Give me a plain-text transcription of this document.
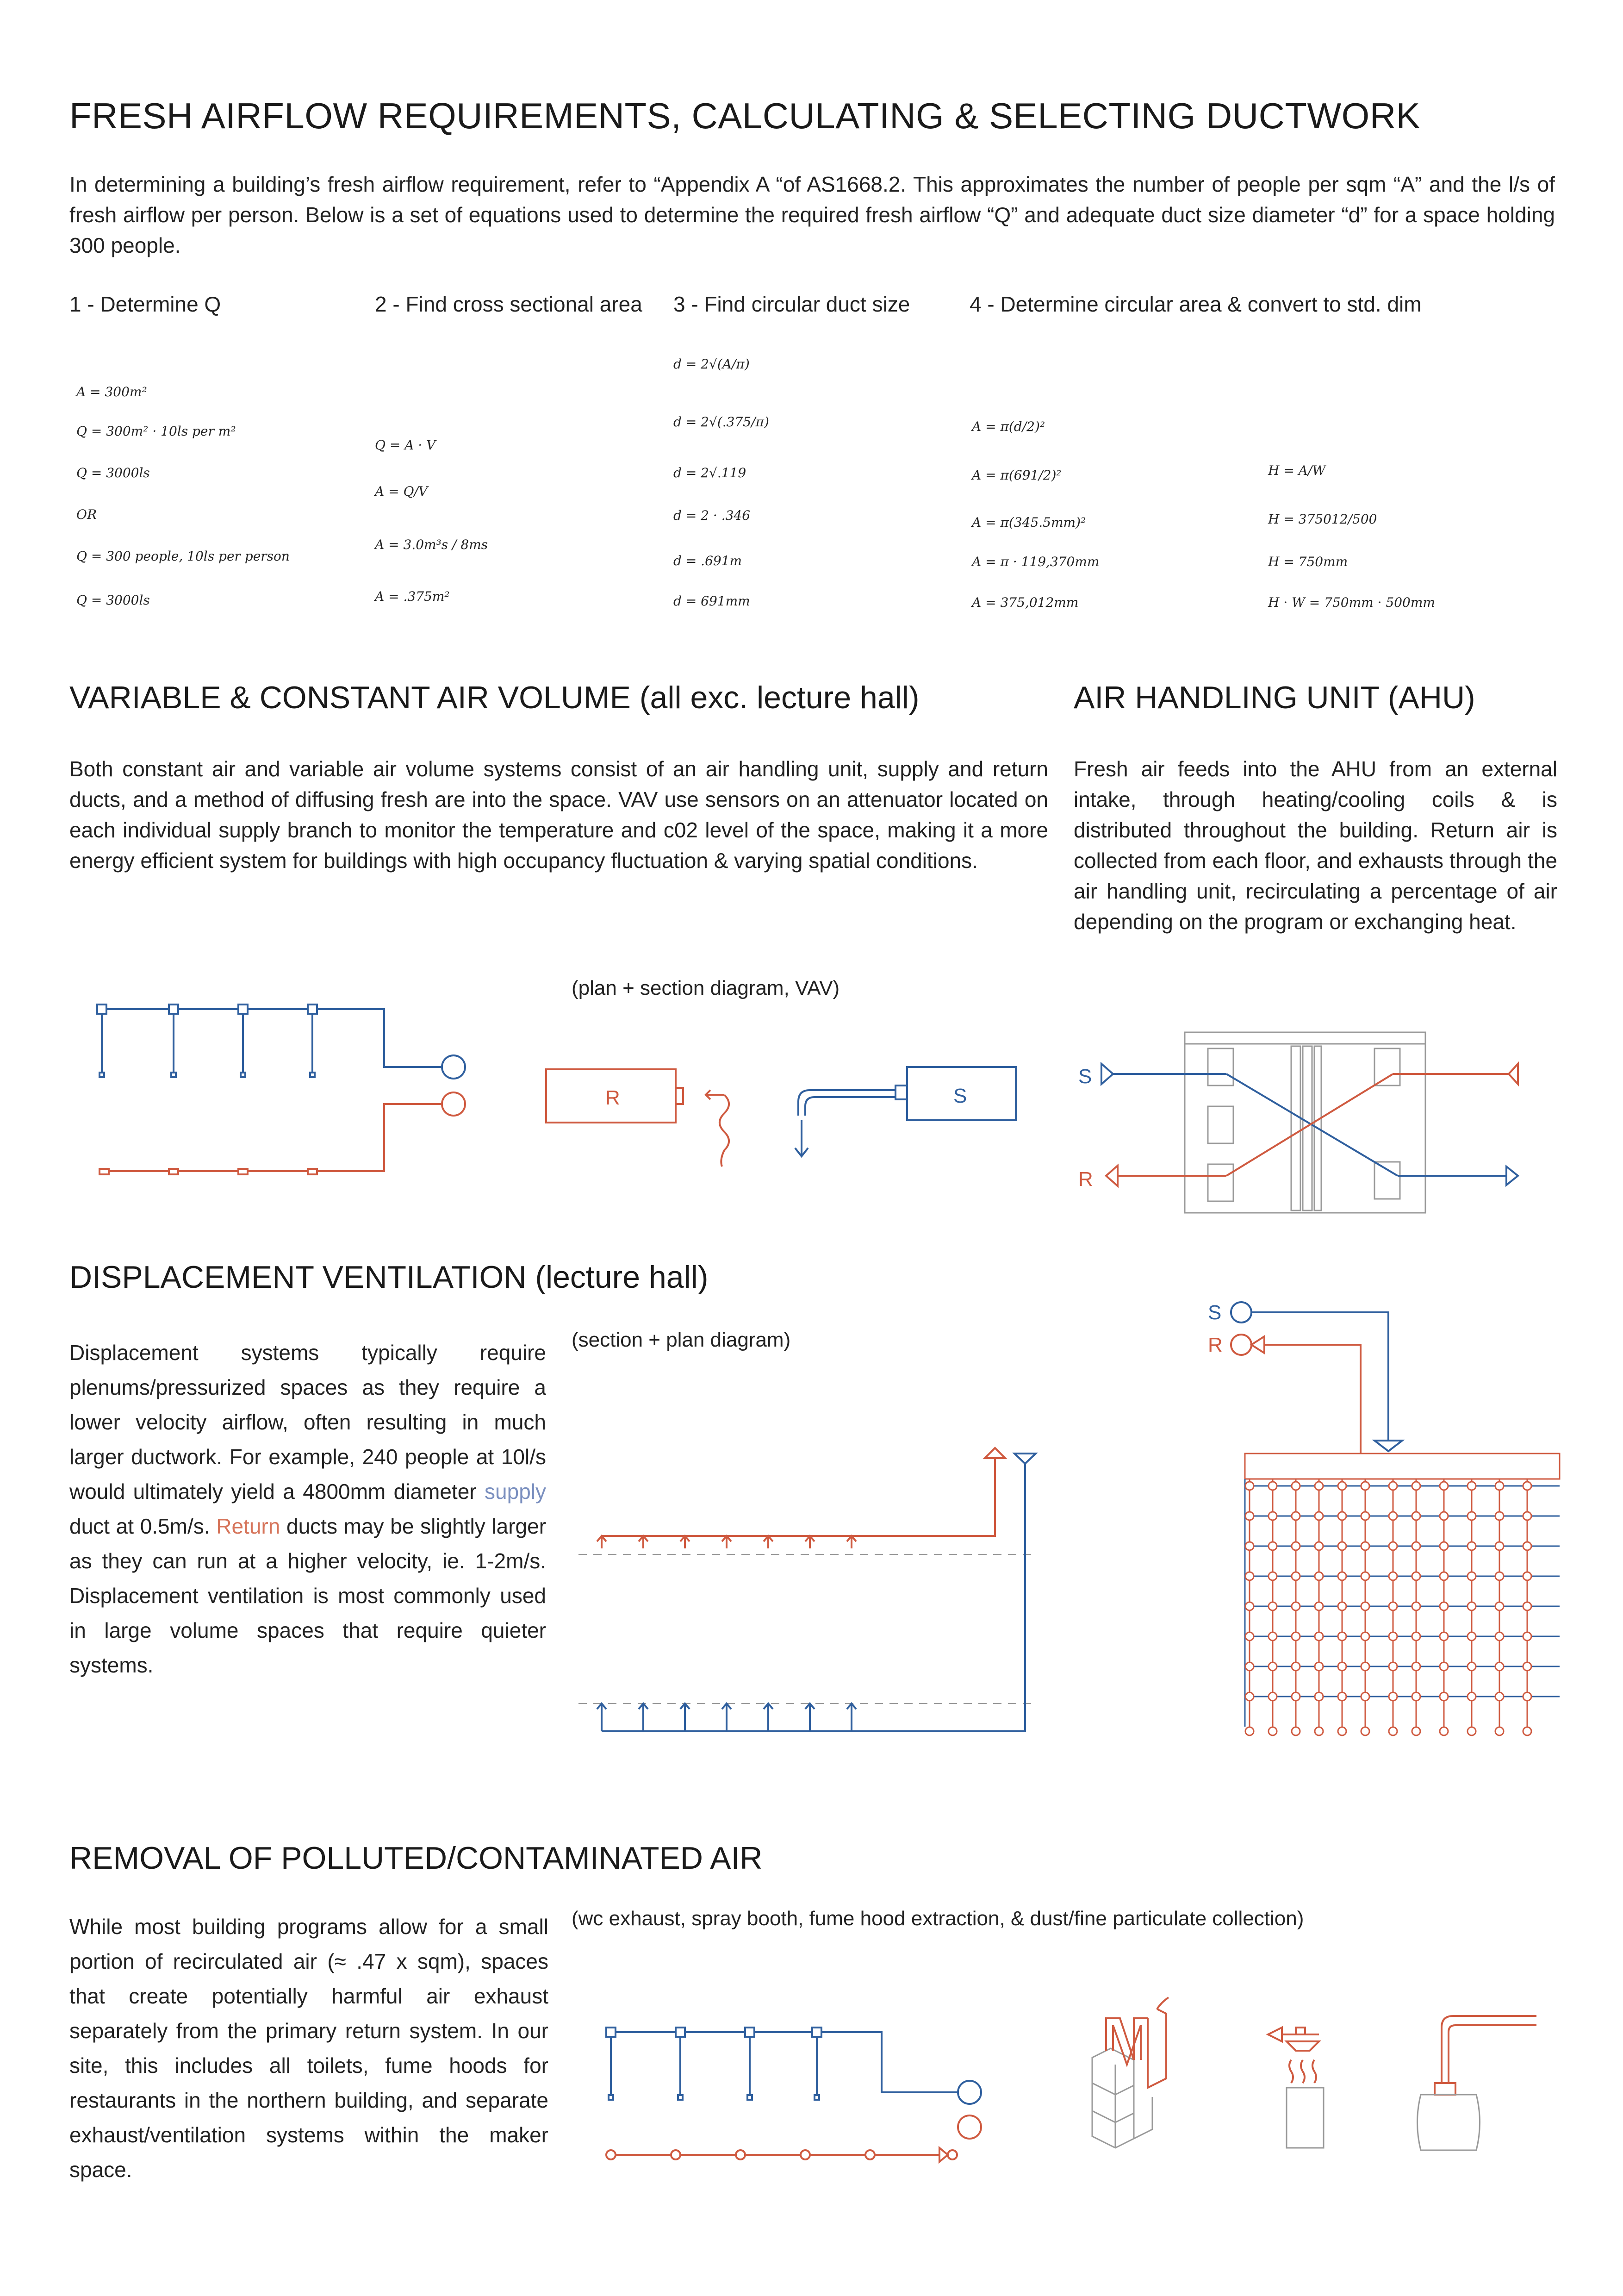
FRESH AIRFLOW REQUIREMENTS, CALCULATING & SELECTING DUCTWORK

In determining a building’s fresh airflow requirement, refer to “Appendix A “of AS1668.2. This approximates the number of people per sqm “A” and the l/s of fresh airflow per person. Below is a set of equations used to determine the required fresh airflow “Q” and adequate duct size diameter “d” for a space holding 300 people.

1 - Determine Q	2 - Find cross sectional area 3 - Find circular duct size	4 - Determine circular area & convert to std. dim
A = 300m²
Q = 300m² · 10ls per m²
Q = 3000ls
OR
Q = 300 people, 10ls per person
Q = 3000ls
Q = A · V
A = Q/V
A = 3.0m³s / 8ms
A = .375m²
d = 2√(A/π)
d = 2√(.375/π)
d = 2√.119
d = 2 · .346
d = .691m
d = 691mm
A = π(d/2)²
A = π(691/2)²
A = π(345.5mm)²
A = π · 119,370mm
A = 375,012mm
H = A/W
H = 375012/500
H = 750mm
H · W = 750mm · 500mm
VARIABLE & CONSTANT AIR VOLUME (all exc. lecture hall)

Both constant air and variable air volume systems consist of an air handling unit, supply and return ducts, and a method of diffusing fresh are into the space. VAV use sensors on an attenuator located on each individual supply branch to monitor the temperature and c02 level of the space, making it a more energy efficient system for buildings with high occupancy fluctuation & varying spatial conditions.

(plan + section diagram, VAV)
R	S
AIR HANDLING UNIT (AHU)

Fresh air feeds into the AHU from an external intake, through heating/cooling coils & is distributed throughout the building. Return air is collected from each floor, and exhausts through the air handling unit, recirculating a percentage of air depending on the program or exchanging heat.

S
R
DISPLACEMENT VENTILATION (lecture hall)

Displacement systems typically require plenums/pressurized spaces as they require a lower velocity airflow, often resulting in much larger ductwork. For example, 240 people at 10l/s would ultimately yield a 4800mm diameter supply duct at 0.5m/s. Return ducts may be slightly larger as they can run at a higher velocity, ie. 1-2m/s. Displacement ventilation is most commonly used in large volume spaces that require quieter systems.

(section + plan diagram)
S
R
REMOVAL OF POLLUTED/CONTAMINATED AIR

While most building programs allow for a small portion of recirculated air (≈ .47 x sqm), spaces that create potentially harmful air exhaust separately from the primary return system. In our site, this includes all toilets, fume hoods for restaurants in the northern building, and separate exhaust/ventilation systems within the maker space.

(wc exhaust, spray booth, fume hood extraction, & dust/fine particulate collection)
